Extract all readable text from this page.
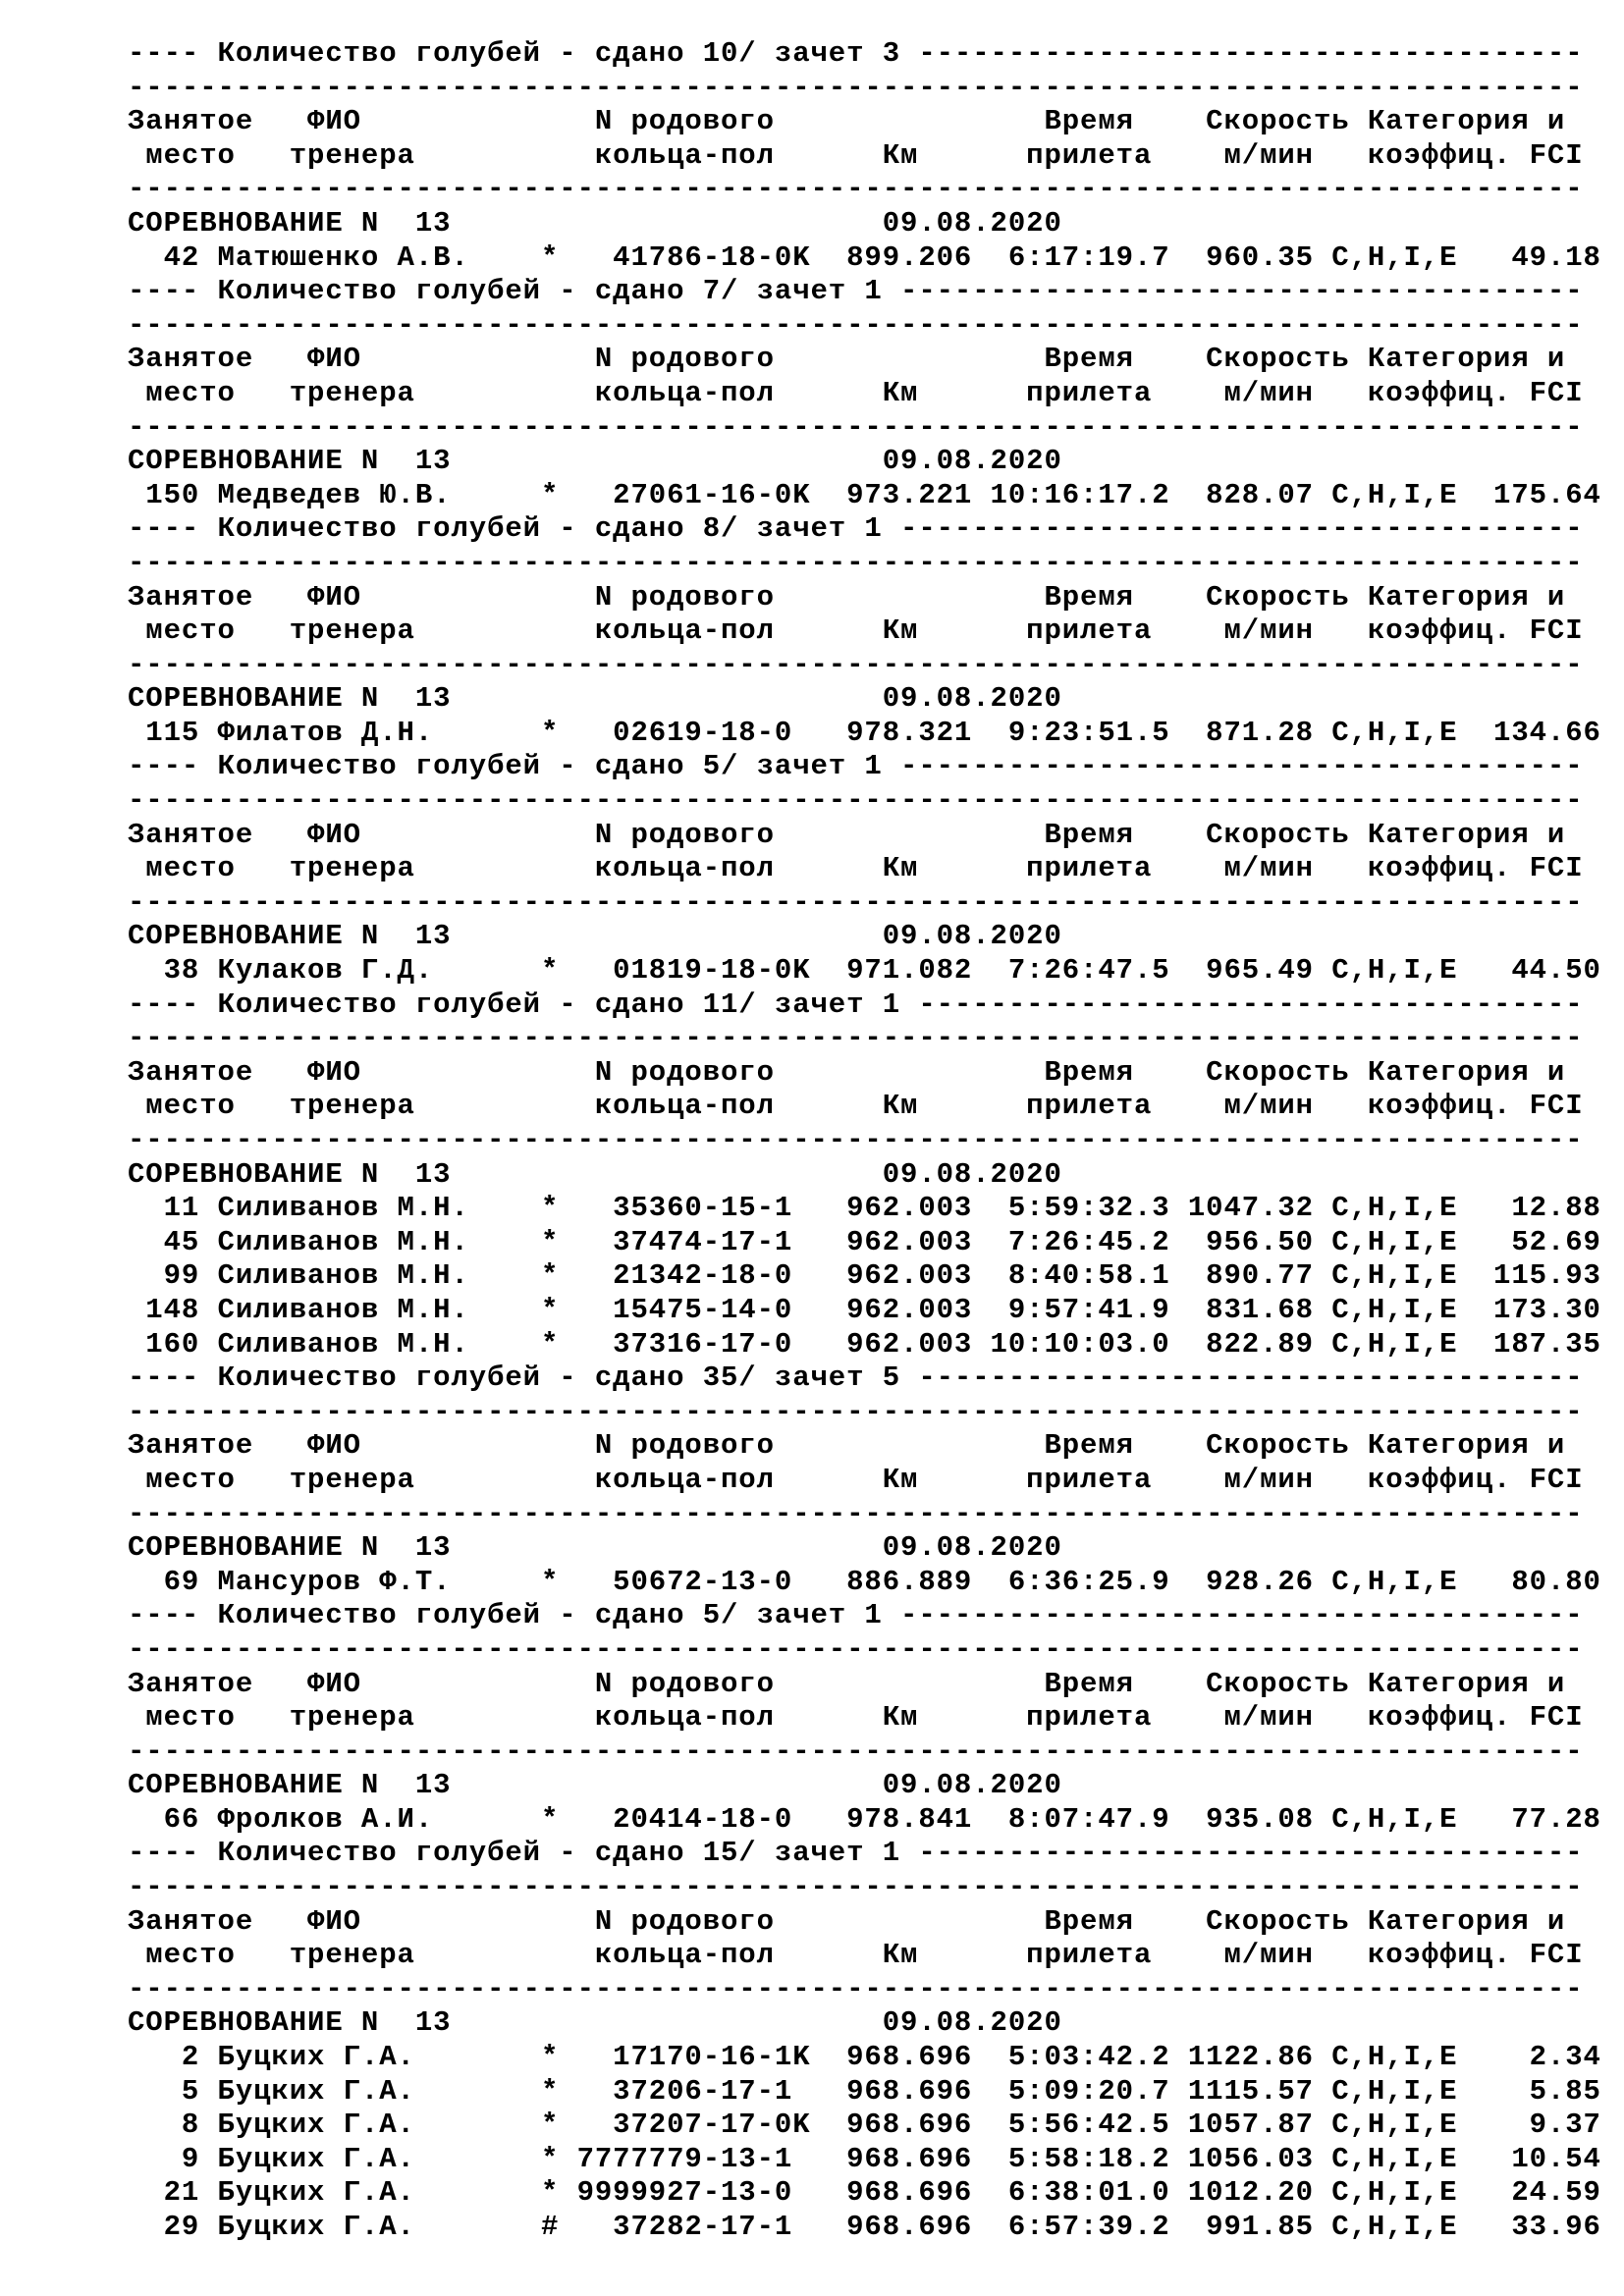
---- Количество голубей - сдано 10/ зачет 3 -------------------------------------
---------------------------------------------------------------------------------
Занятое   ФИО             N родового               Время    Скорость Категория и
место   тренера          кольца-пол      Км      прилета    м/мин   коэффиц. FCI
---------------------------------------------------------------------------------
СОРЕВНОВАНИЕ N  13                        09.08.2020
42 Матюшенко А.В.    *   41786-18-0K  899.206  6:17:19.7  960.35 C,H,I,E   49.18
---- Количество голубей - сдано 7/ зачет 1 --------------------------------------
---------------------------------------------------------------------------------
Занятое   ФИО             N родового               Время    Скорость Категория и
место   тренера          кольца-пол      Км      прилета    м/мин   коэффиц. FCI
---------------------------------------------------------------------------------
СОРЕВНОВАНИЕ N  13                        09.08.2020
150 Медведев Ю.В.     *   27061-16-0K  973.221 10:16:17.2  828.07 C,H,I,E  175.64
---- Количество голубей - сдано 8/ зачет 1 --------------------------------------
---------------------------------------------------------------------------------
Занятое   ФИО             N родового               Время    Скорость Категория и
место   тренера          кольца-пол      Км      прилета    м/мин   коэффиц. FCI
---------------------------------------------------------------------------------
СОРЕВНОВАНИЕ N  13                        09.08.2020
115 Филатов Д.Н.      *   02619-18-0   978.321  9:23:51.5  871.28 C,H,I,E  134.66
---- Количество голубей - сдано 5/ зачет 1 --------------------------------------
---------------------------------------------------------------------------------
Занятое   ФИО             N родового               Время    Скорость Категория и
место   тренера          кольца-пол      Км      прилета    м/мин   коэффиц. FCI
---------------------------------------------------------------------------------
СОРЕВНОВАНИЕ N  13                        09.08.2020
38 Кулаков Г.Д.      *   01819-18-0K  971.082  7:26:47.5  965.49 C,H,I,E   44.50
---- Количество голубей - сдано 11/ зачет 1 -------------------------------------
---------------------------------------------------------------------------------
Занятое   ФИО             N родового               Время    Скорость Категория и
место   тренера          кольца-пол      Км      прилета    м/мин   коэффиц. FCI
---------------------------------------------------------------------------------
СОРЕВНОВАНИЕ N  13                        09.08.2020
11 Силиванов М.Н.    *   35360-15-1   962.003  5:59:32.3 1047.32 C,H,I,E   12.88
45 Силиванов М.Н.    *   37474-17-1   962.003  7:26:45.2  956.50 C,H,I,E   52.69
99 Силиванов М.Н.    *   21342-18-0   962.003  8:40:58.1  890.77 C,H,I,E  115.93
148 Силиванов М.Н.    *   15475-14-0   962.003  9:57:41.9  831.68 C,H,I,E  173.30
160 Силиванов М.Н.    *   37316-17-0   962.003 10:10:03.0  822.89 C,H,I,E  187.35
---- Количество голубей - сдано 35/ зачет 5 -------------------------------------
---------------------------------------------------------------------------------
Занятое   ФИО             N родового               Время    Скорость Категория и
место   тренера          кольца-пол      Км      прилета    м/мин   коэффиц. FCI
---------------------------------------------------------------------------------
СОРЕВНОВАНИЕ N  13                        09.08.2020
69 Мансуров Ф.Т.     *   50672-13-0   886.889  6:36:25.9  928.26 C,H,I,E   80.80
---- Количество голубей - сдано 5/ зачет 1 --------------------------------------
---------------------------------------------------------------------------------
Занятое   ФИО             N родового               Время    Скорость Категория и
место   тренера          кольца-пол      Км      прилета    м/мин   коэффиц. FCI
---------------------------------------------------------------------------------
СОРЕВНОВАНИЕ N  13                        09.08.2020
66 Фролков А.И.      *   20414-18-0   978.841  8:07:47.9  935.08 C,H,I,E   77.28
---- Количество голубей - сдано 15/ зачет 1 -------------------------------------
---------------------------------------------------------------------------------
Занятое   ФИО             N родового               Время    Скорость Категория и
место   тренера          кольца-пол      Км      прилета    м/мин   коэффиц. FCI
---------------------------------------------------------------------------------
СОРЕВНОВАНИЕ N  13                        09.08.2020
2 Буцких Г.А.       *   17170-16-1K  968.696  5:03:42.2 1122.86 C,H,I,E    2.34
5 Буцких Г.А.       *   37206-17-1   968.696  5:09:20.7 1115.57 C,H,I,E    5.85
8 Буцких Г.А.       *   37207-17-0K  968.696  5:56:42.5 1057.87 C,H,I,E    9.37
9 Буцких Г.А.       * 7777779-13-1   968.696  5:58:18.2 1056.03 C,H,I,E   10.54
21 Буцких Г.А.       * 9999927-13-0   968.696  6:38:01.0 1012.20 C,H,I,E   24.59
29 Буцких Г.А.       #   37282-17-1   968.696  6:57:39.2  991.85 C,H,I,E   33.96
